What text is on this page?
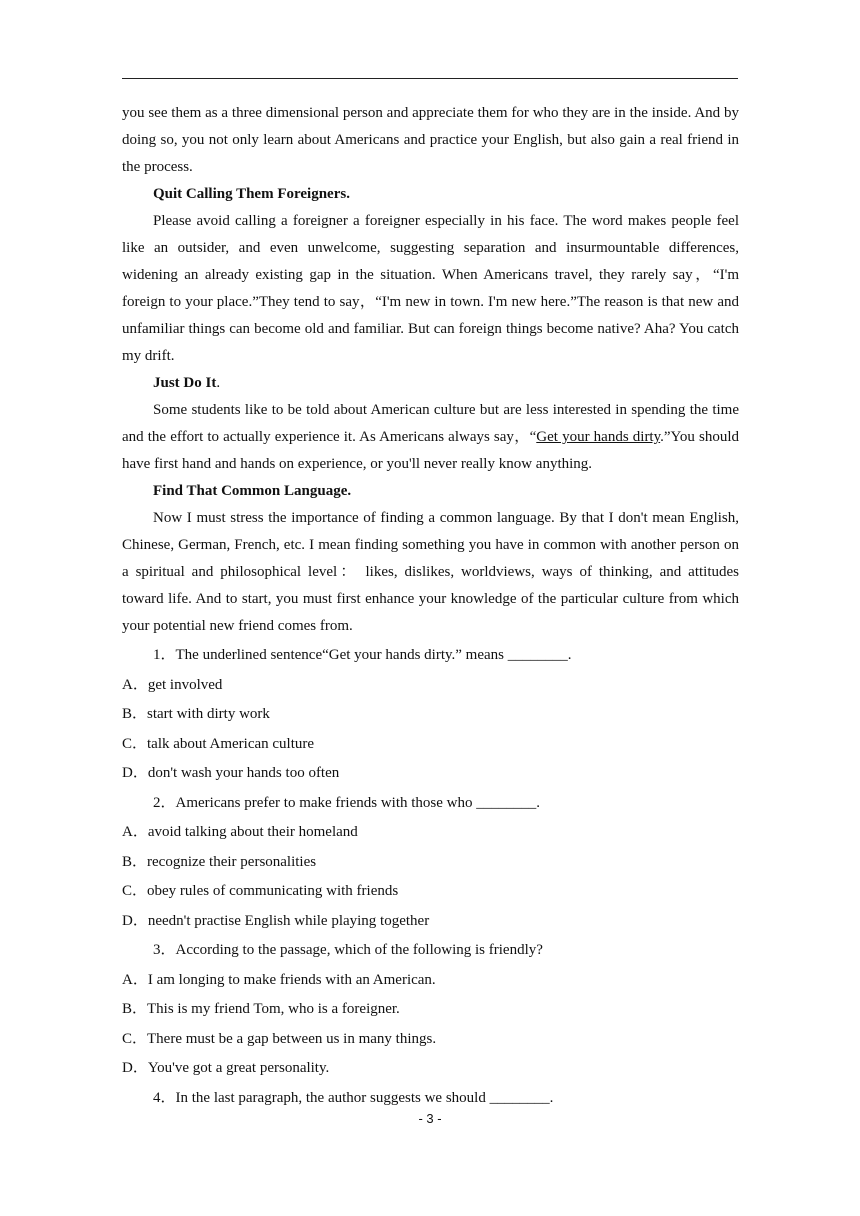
you see them as a three dimensional person and appreciate them for who they are in the inside. And by doing so, you not only learn about Americans and practice your English, but also gain a real friend in the process.

Quit Calling Them Foreigners.

Please avoid calling a foreigner a foreigner especially in his face. The word makes people feel like an outsider, and even unwelcome, suggesting separation and insurmountable differences, widening an already existing gap in the situation. When Americans travel, they rarely say，“I'm foreign to your place.”They tend to say，“I'm new in town. I'm new here.”The reason is that new and unfamiliar things can become old and familiar. But can foreign things become native? Aha? You catch my drift.

Just Do It.

Some students like to be told about American culture but are less interested in spending the time and the effort to actually experience it. As Americans always say，“Get your hands dirty.”You should have first hand and hands on experience, or you'll never really know anything.

Find That Common Language.

Now I must stress the importance of finding a common language. By that I don't mean English, Chinese, German, French, etc. I mean finding something you have in common with another person on a spiritual and philosophical level： likes, dislikes, worldviews, ways of thinking, and attitudes toward life. And to start, you must first enhance your knowledge of the particular culture from which your potential new friend comes from.

1．The underlined sentence“Get your hands dirty.” means ________.

A．get involved

B．start with dirty work

C．talk about American culture

D．don't wash your hands too often

2．Americans prefer to make friends with those who ________.

A．avoid talking about their homeland

B．recognize their personalities

C．obey rules of communicating with friends

D．needn't practise English while playing together

3．According to the passage, which of the following is friendly?

A．I am longing to make friends with an American.

B．This is my friend Tom, who is a foreigner.

C．There must be a gap between us in many things.

D．You've got a great personality.

4．In the last paragraph, the author suggests we should ________.

- 3 -
